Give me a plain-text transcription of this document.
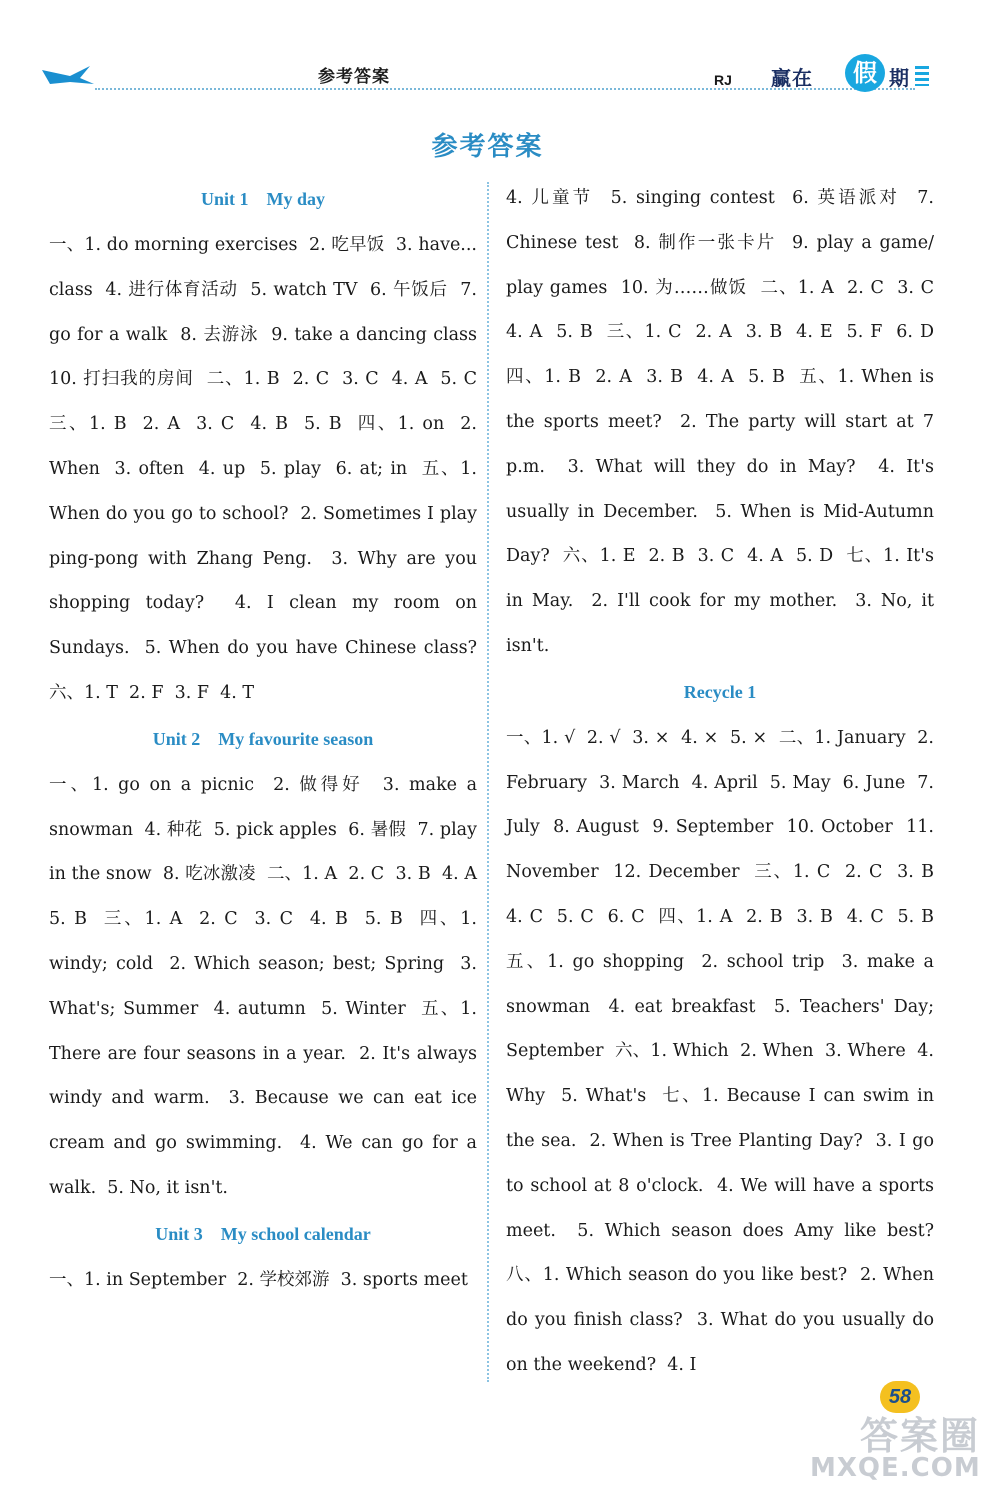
参考答案	RJ 赢在	假 期
参考答案

Unit 1    My day

一、1. do morning exercises  2. 吃早饭  3. have... class  4. 进行体育活动  5. watch TV  6. 午饭后  7. go for a walk  8. 去游泳  9. take a dancing class  10. 打扫我的房间  二、1. B  2. C  3. C  4. A  5. C  三、1. B  2. A  3. C  4. B  5. B  四、1. on  2. When  3. often  4. up  5. play  6. at; in  五、1. When do you go to school?  2. Sometimes I play ping-pong with Zhang Peng.  3. Why are you shopping today?  4. I clean my room on Sundays.  5. When do you have Chinese class?  六、1. T  2. F  3. F  4. T

Unit 2    My favourite season

一、1. go on a picnic  2. 做得好  3. make a snowman  4. 种花  5. pick apples  6. 暑假  7. play in the snow  8. 吃冰激凌  二、1. A  2. C  3. B  4. A  5. B  三、1. A  2. C  3. C  4. B  5. B  四、1. windy; cold  2. Which season; best; Spring  3. What's; Summer  4. autumn  5. Winter  五、1. There are four seasons in a year.  2. It's always windy and warm.  3. Because we can eat ice cream and go swimming.  4. We can go for a walk.  5. No, it isn't.

Unit 3    My school calendar

一、1. in September  2. 学校郊游  3. sports meet

4. 儿童节  5. singing contest  6. 英语派对  7. Chinese test  8. 制作一张卡片  9. play a game/ play games  10. 为……做饭  二、1. A  2. C  3. C  4. A  5. B  三、1. C  2. A  3. B  4. E  5. F  6. D  四、1. B  2. A  3. B  4. A  5. B  五、1. When is the sports meet?  2. The party will start at 7 p.m.  3. What will they do in May?  4. It's usually in December.  5. When is Mid-Autumn Day?  六、1. E  2. B  3. C  4. A  5. D  七、1. It's in May.  2. I'll cook for my mother.  3. No, it isn't.

Recycle 1

一、1. √  2. √  3. ×  4. ×  5. ×  二、1. January  2. February  3. March  4. April  5. May  6. June  7. July  8. August  9. September  10. October  11. November  12. December  三、1. C  2. C  3. B  4. C  5. C  6. C  四、1. A  2. B  3. B  4. C  5. B  五、1. go shopping  2. school trip  3. make a snowman  4. eat breakfast  5. Teachers' Day; September  六、1. Which  2. When  3. Where  4. Why  5. What's  七、1. Because I can swim in the sea.  2. When is Tree Planting Day?  3. I go to school at 8 o'clock.  4. We will have a sports meet.  5. Which season does Amy like best?  八、1. Which season do you like best?  2. When do you finish class?  3. What do you usually do on the weekend?  4. I

58
答案圈
MXQE.COM
